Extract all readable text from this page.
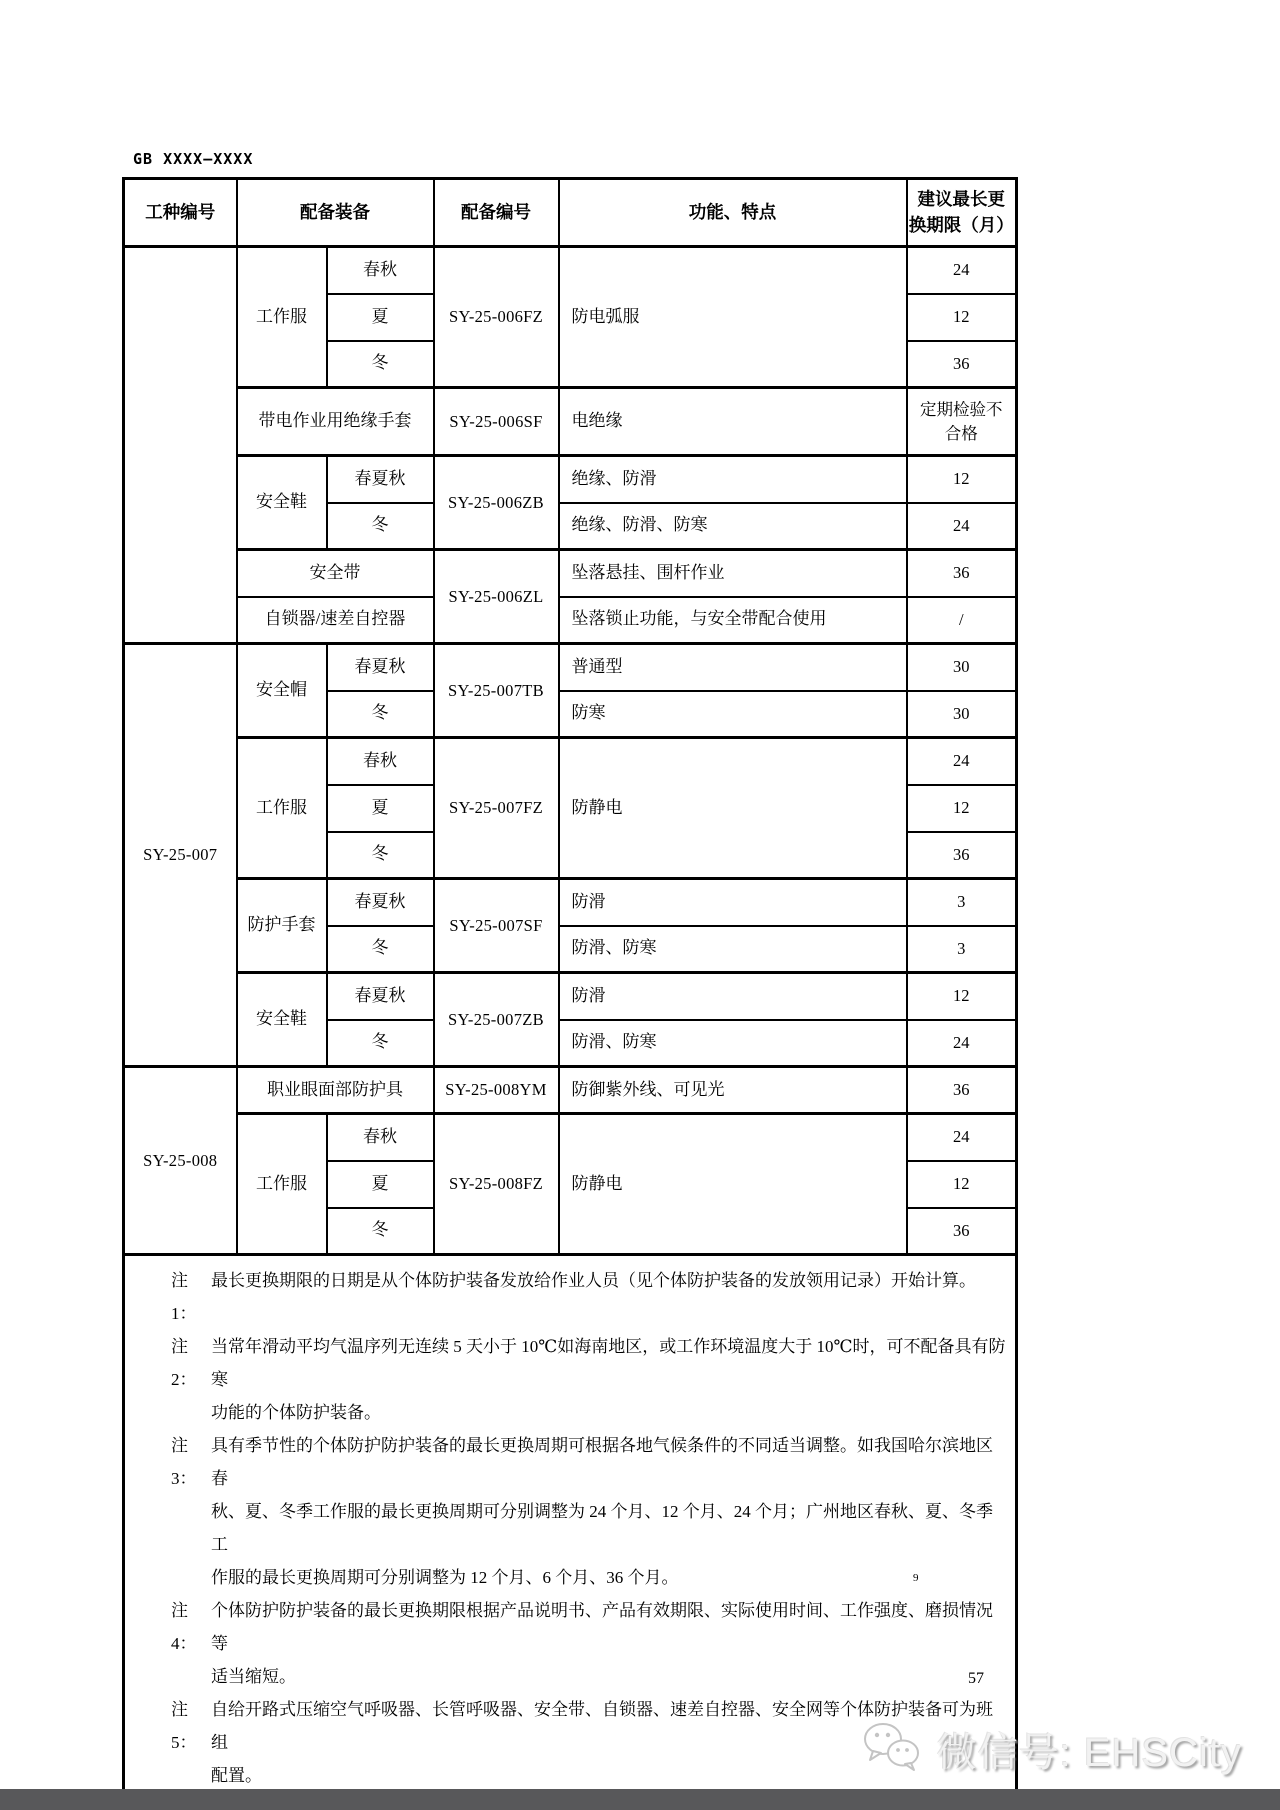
GB XXXX—XXXX
工种编号	配备装备		配备编号	功能、特点	建议最长更
换期限（月）

	工作服	春秋	SY-25-006FZ	防电弧服	24
		夏			12
		冬			36
	带电作业用绝缘手套		SY-25-006SF	电绝缘	定期检验不
合格

	安全鞋	春夏秋	SY-25-006ZB	绝缘、防滑	12
		冬		绝缘、防滑、防寒	24
	安全带		SY-25-006ZL	坠落悬挂、围杆作业	36
	自锁器/速差自控器			坠落锁止功能，与安全带配合使用	/
SY-25-007	安全帽	春夏秋	SY-25-007TB	普通型	30
		冬		防寒	30
	工作服	春秋	SY-25-007FZ	防静电	24
		夏			12
		冬			36
	防护手套	春夏秋	SY-25-007SF	防滑	3
		冬		防滑、防寒	3
	安全鞋	春夏秋	SY-25-007ZB	防滑	12
		冬		防滑、防寒	24
SY-25-008	职业眼面部防护具		SY-25-008YM	防御紫外线、可见光	36
	工作服	春秋	SY-25-008FZ	防静电	24
		夏			12
		冬			36

注1：
最长更换期限的日期是从个体防护装备发放给作业人员（见个体防护装备的发放领用记录）开始计算。
注2：
当常年滑动平均气温序列无连续 5 天小于 10℃如海南地区，或工作环境温度大于 10℃时，可不配备具有防寒
功能的个体防护装备。
注3：
具有季节性的个体防护防护装备的最长更换周期可根据各地气候条件的不同适当调整。如我国哈尔滨地区春
秋、夏、冬季工作服的最长更换周期可分别调整为 24 个月、12 个月、24 个月；广州地区春秋、夏、冬季工
作服的最长更换周期可分别调整为 12 个月、6 个月、36 个月。
注4：
个体防护防护装备的最长更换期限根据产品说明书、产品有效期限、实际使用时间、工作强度、磨损情况等
适当缩短。
注5：
自给开路式压缩空气呼吸器、长管呼吸器、安全带、自锁器、速差自控器、安全网等个体防护装备可为班组
配置。
9
57
微信号: EHSCity
